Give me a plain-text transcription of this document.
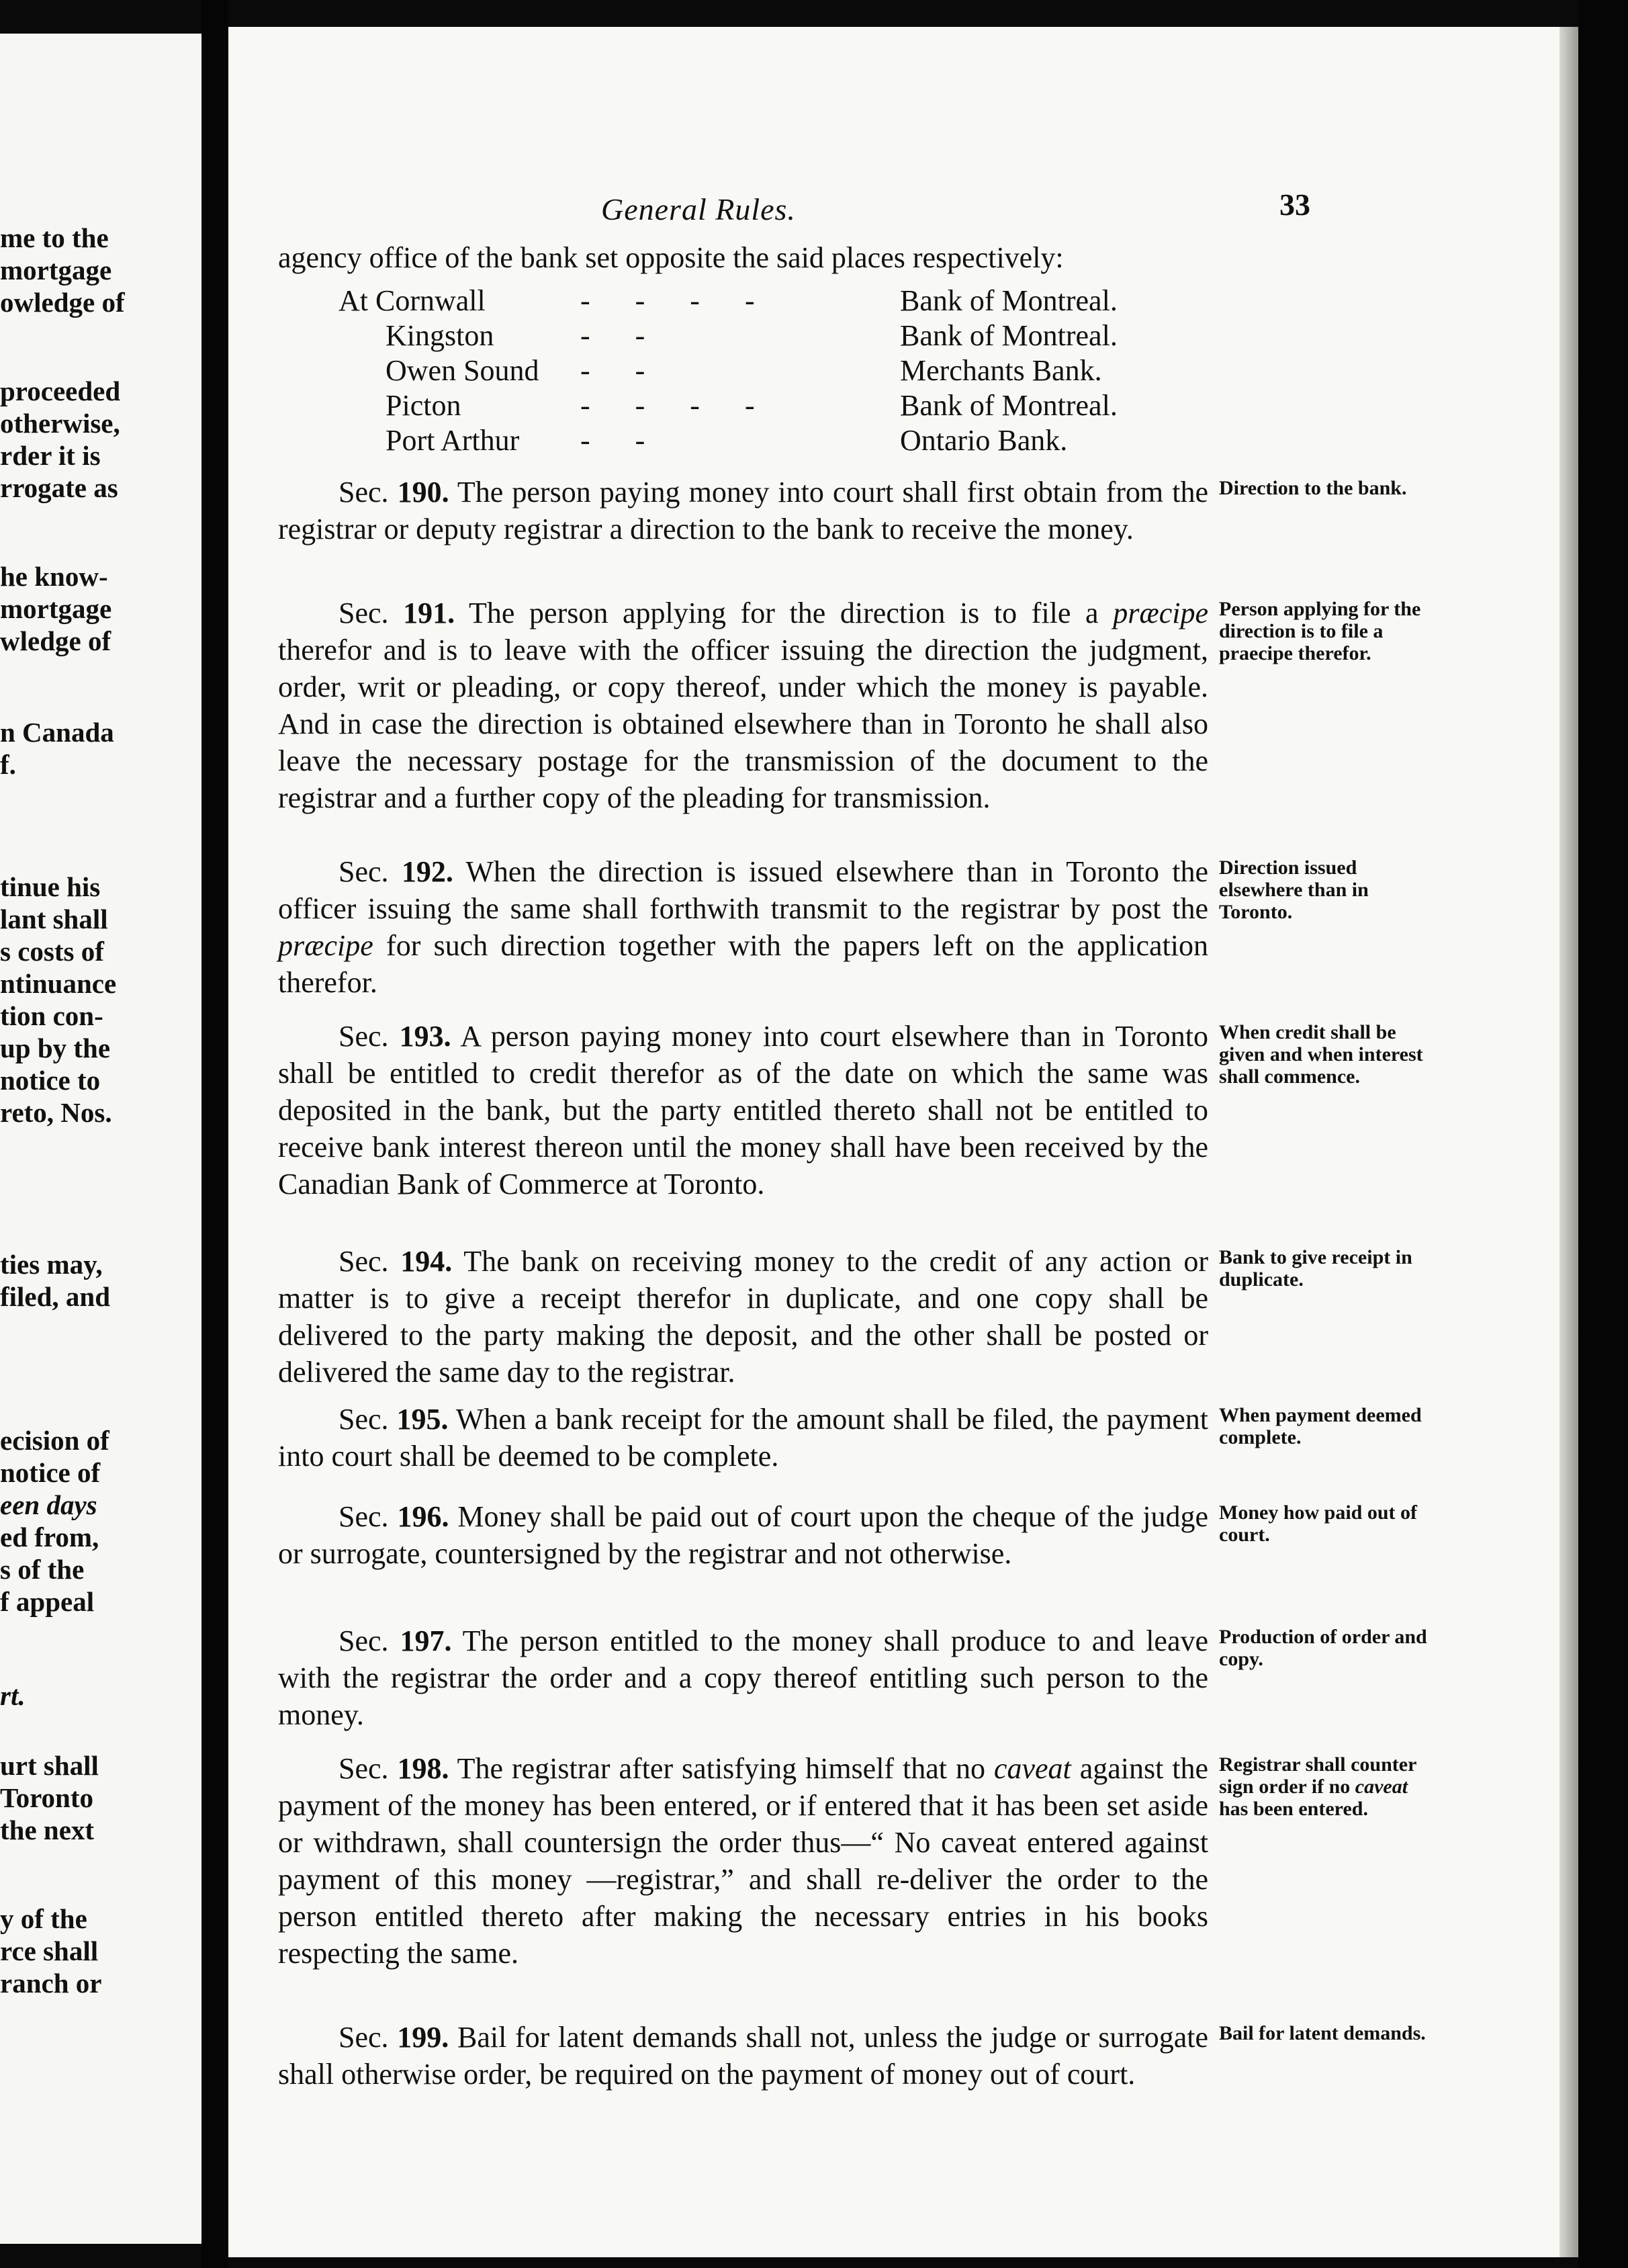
me to the
mortgage
owledge of
proceeded
otherwise,
rder it is
rrogate as
he know-
mortgage
wledge of
n Canada
f.
tinue his
lant shall
s costs of
ntinuance
tion con-
up by the
notice to
reto, Nos.
ties may,
filed, and
ecision of
notice of
een days
ed from,
s of the
f appeal
rt.
urt shall
Toronto
the next
y of the
rce shall
ranch or
General Rules.	33
agency office of the bank set opposite the said places respectively:
At Cornwall	- - - -	Bank of Montreal.
Kingston	- -	Bank of Montreal.
Owen Sound - -	Merchants Bank.
Picton	- - - -	Bank of Montreal.
Port Arthur - -	Ontario Bank.
Sec. 190. The person paying money into court shall first obtain from the registrar or deputy registrar a direction to the bank to receive the money.
Direction to the bank.
Sec. 191. The person applying for the direction is to file a præcipe therefor and is to leave with the officer issuing the direction the judgment, order, writ or pleading, or copy thereof, under which the money is payable. And in case the direction is obtained elsewhere than in Toronto he shall also leave the necessary postage for the transmission of the document to the registrar and a further copy of the pleading for transmission.
Person applying for the direction is to file a praecipe therefor.
Sec. 192. When the direction is issued elsewhere than in Toronto the officer issuing the same shall forthwith transmit to the registrar by post the præcipe for such direction together with the papers left on the application therefor.
Direction issued elsewhere than in Toronto.
Sec. 193. A person paying money into court elsewhere than in Toronto shall be entitled to credit therefor as of the date on which the same was deposited in the bank, but the party entitled thereto shall not be entitled to receive bank interest thereon until the money shall have been received by the Canadian Bank of Commerce at Toronto.
When credit shall be given and when interest shall commence.
Sec. 194. The bank on receiving money to the credit of any action or matter is to give a receipt therefor in duplicate, and one copy shall be delivered to the party making the deposit, and the other shall be posted or delivered the same day to the registrar.
Bank to give receipt in duplicate.
Sec. 195. When a bank receipt for the amount shall be filed, the payment into court shall be deemed to be complete.
When payment deemed complete.
Sec. 196. Money shall be paid out of court upon the cheque of the judge or surrogate, countersigned by the registrar and not otherwise.
Money how paid out of court.
Sec. 197. The person entitled to the money shall produce to and leave with the registrar the order and a copy thereof entitling such person to the money.
Production of order and copy.
Sec. 198. The registrar after satisfying himself that no caveat against the payment of the money has been entered, or if entered that it has been set aside or withdrawn, shall countersign the order thus—“ No caveat entered against payment of this money —registrar,” and shall re-deliver the order to the person entitled thereto after making the necessary entries in his books respecting the same.
Registrar shall counter sign order if no caveat has been entered.
Sec. 199. Bail for latent demands shall not, unless the judge or surrogate shall otherwise order, be required on the payment of money out of court.
Bail for latent demands.
